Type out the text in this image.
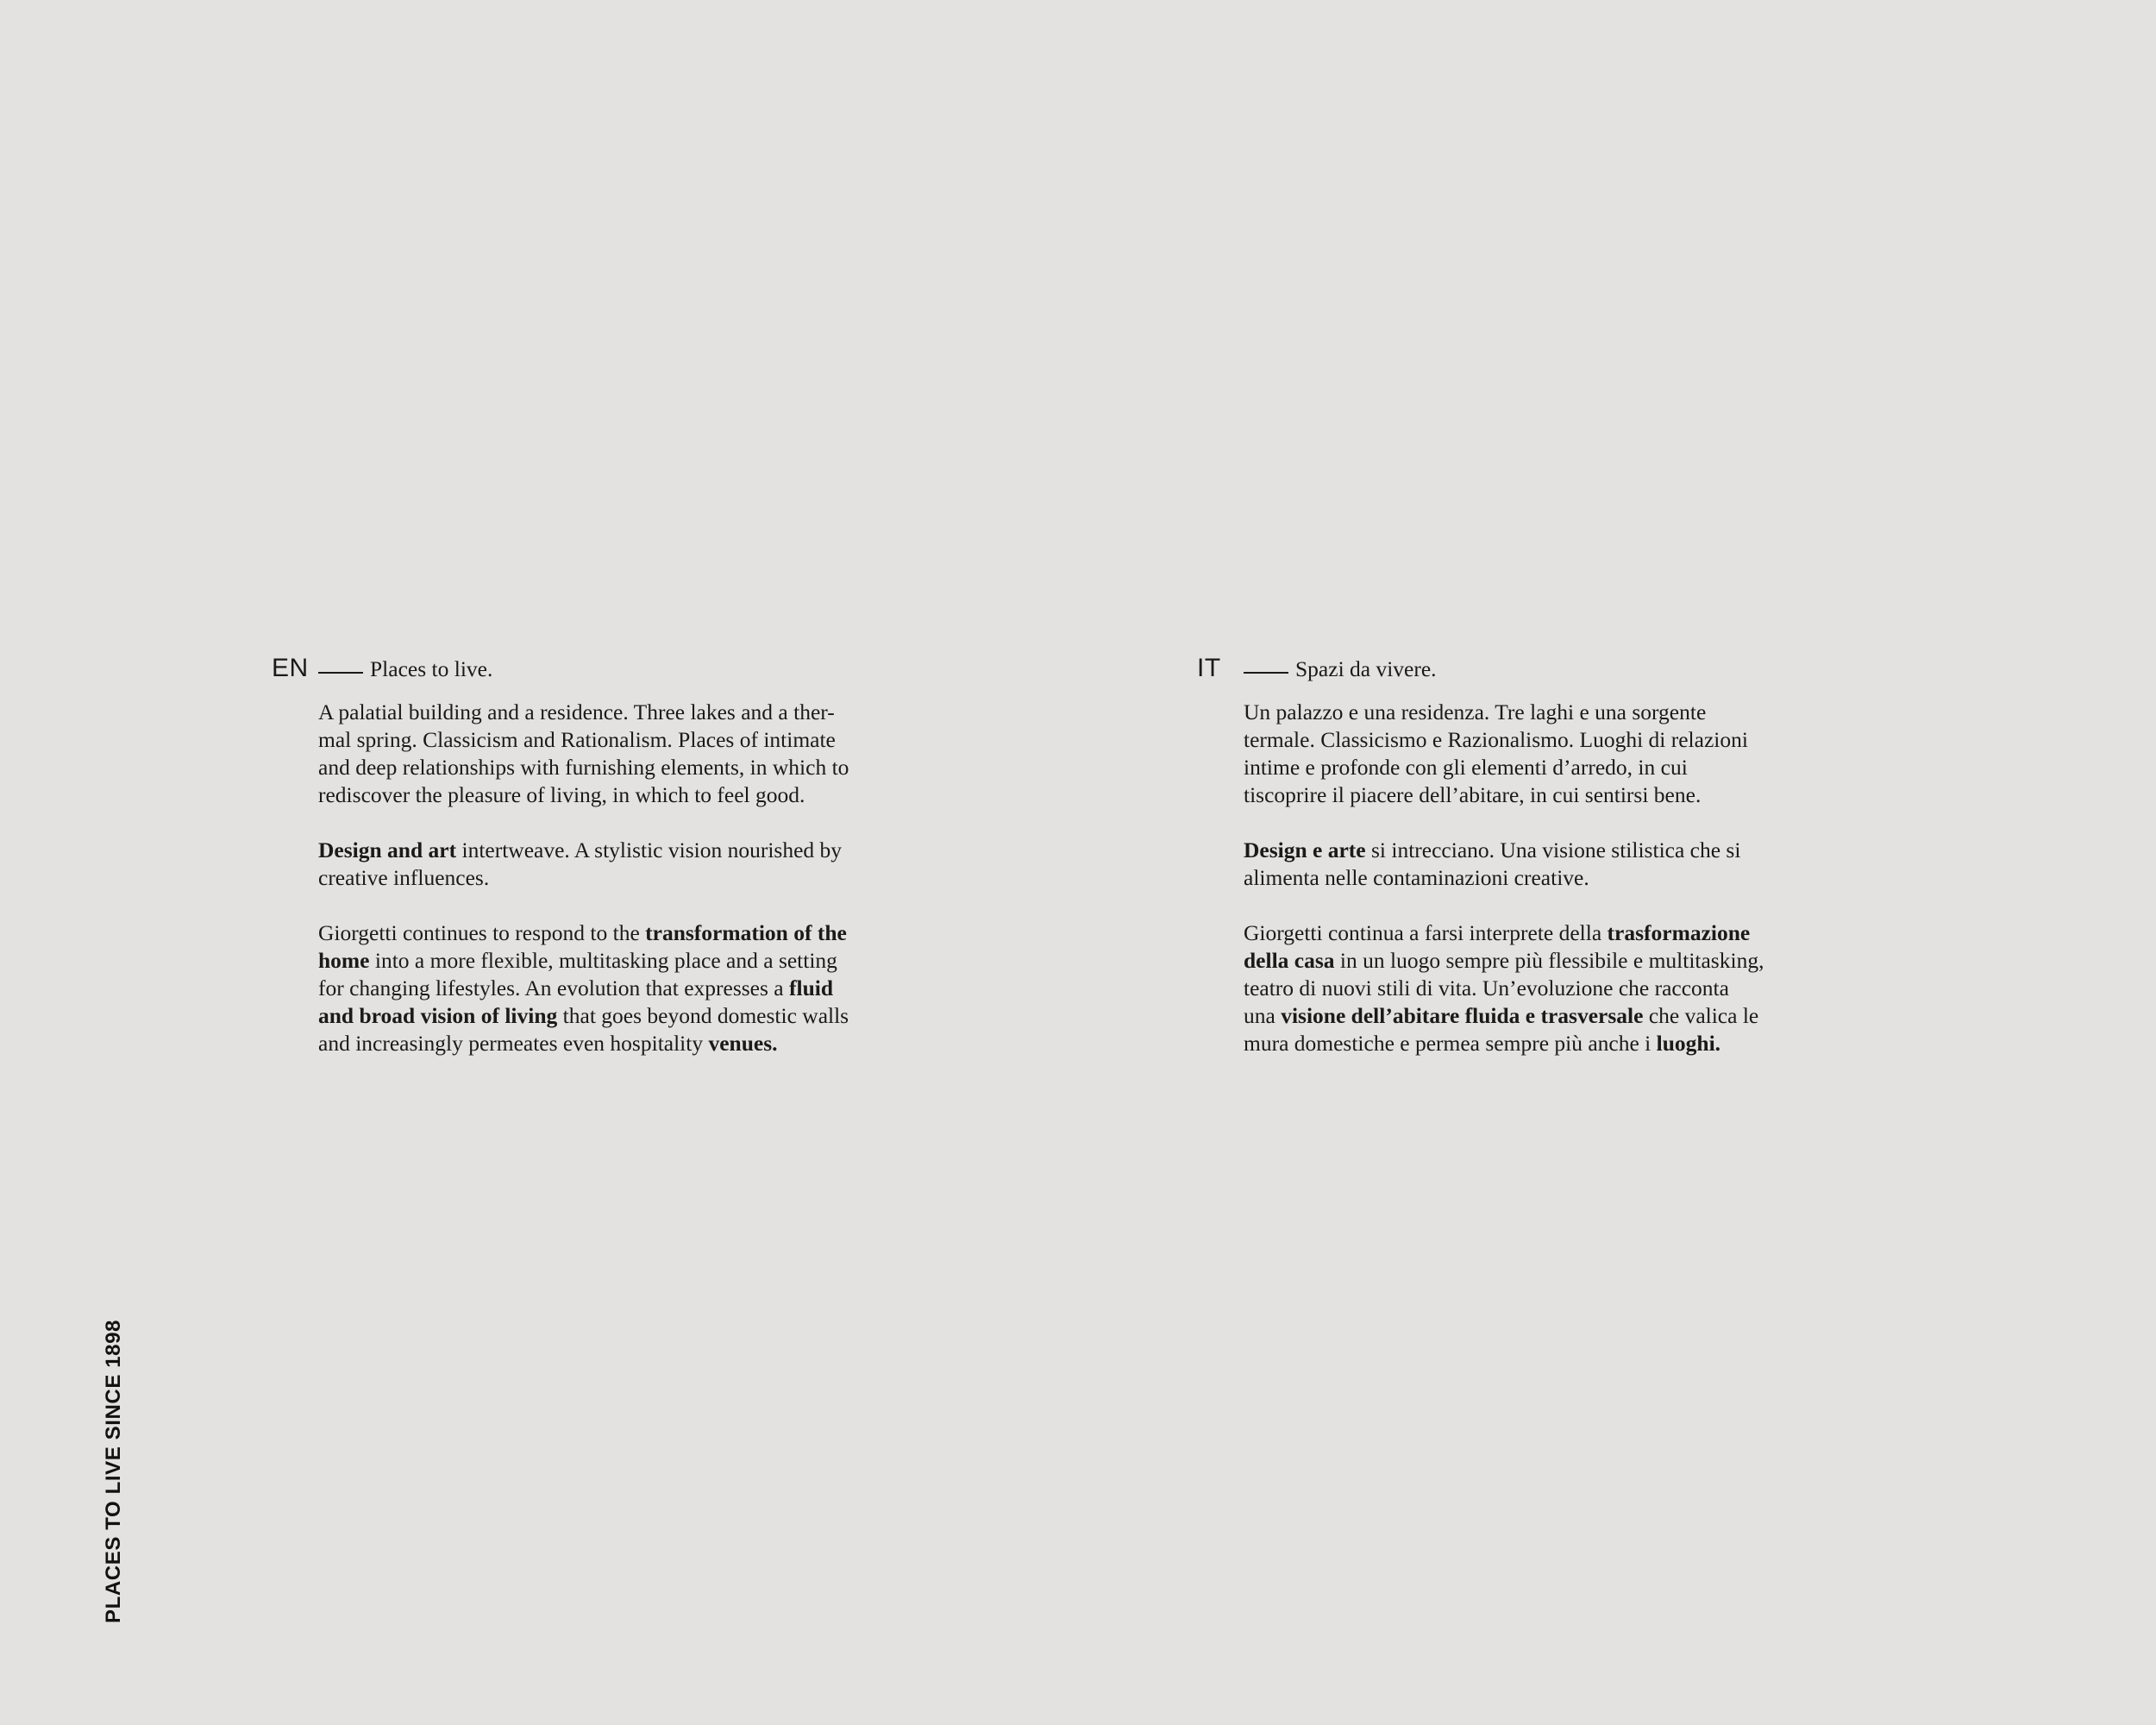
EN	Places to live.

A palatial building and a residence. Three lakes and a ther-
mal spring. Classicism and Rationalism. Places of intimate
and deep relationships with furnishing elements, in which to
rediscover the pleasure of living, in which to feel good.

Design and art intertweave. A stylistic vision nourished by
creative influences.

Giorgetti continues to respond to the transformation of the
home into a more flexible, multitasking place and a setting
for changing lifestyles. An evolution that expresses a fluid
and broad vision of living that goes beyond domestic walls
and increasingly permeates even hospitality venues.

IT	Spazi da vivere.

Un palazzo e una residenza. Tre laghi e una sorgente
termale. Classicismo e Razionalismo. Luoghi di relazioni
intime e profonde con gli elementi d’arredo, in cui
tiscoprire il piacere dell’abitare, in cui sentirsi bene.

Design e arte si intrecciano. Una visione stilistica che si
alimenta nelle contaminazioni creative.

Giorgetti continua a farsi interprete della trasformazione
della casa in un luogo sempre più flessibile e multitasking,
teatro di nuovi stili di vita. Un’evoluzione che racconta
una visione dell’abitare fluida e trasversale che valica le
mura domestiche e permea sempre più anche i luoghi.

PLACES TO LIVE SINCE 1898
